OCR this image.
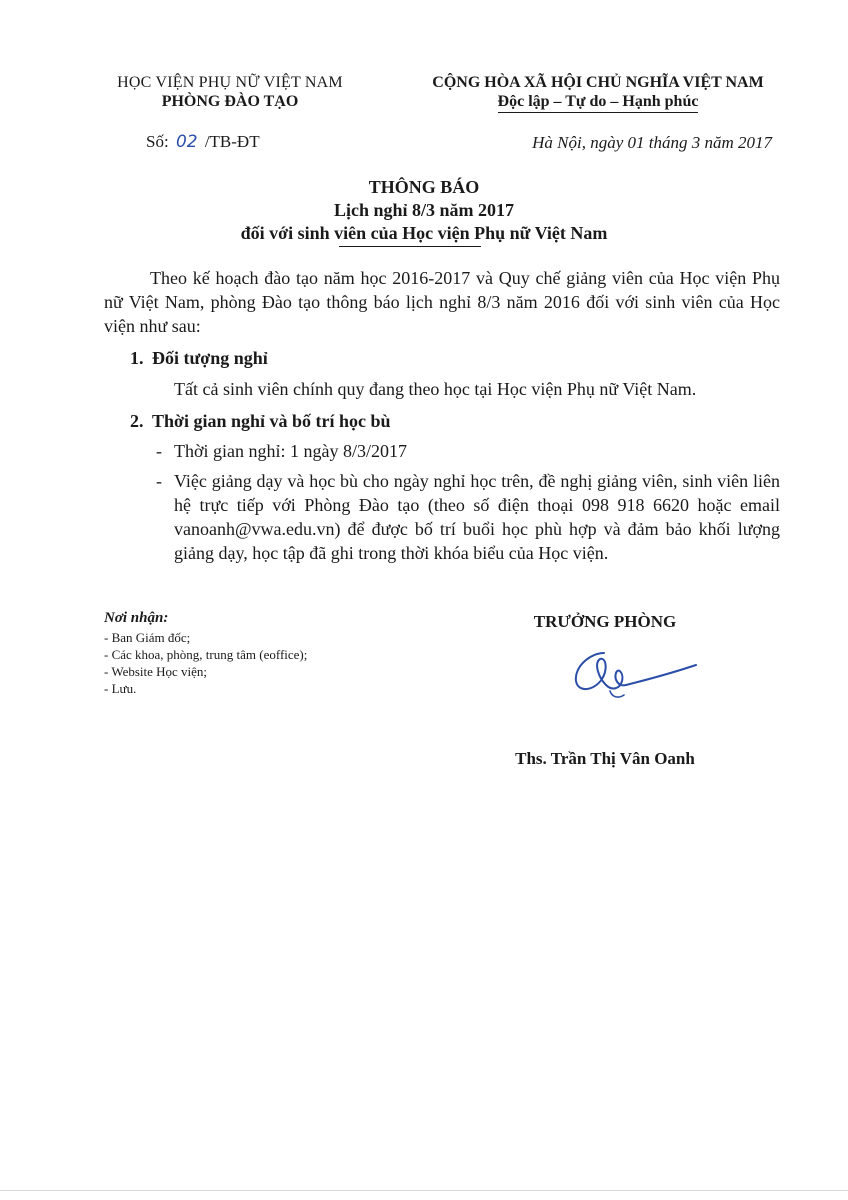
HỌC VIỆN PHỤ NỮ VIỆT NAM
PHÒNG ĐÀO TẠO
CỘNG HÒA XÃ HỘI CHỦ NGHĨA VIỆT NAM
Độc lập – Tự do – Hạnh phúc
Số: 02 /TB-ĐT	Hà Nội, ngày 01 tháng 3 năm 2017
THÔNG BÁO
Lịch nghỉ 8/3 năm 2017
đối với sinh viên của Học viện Phụ nữ Việt Nam

Theo kế hoạch đào tạo năm học 2016-2017 và Quy chế giảng viên của Học viện Phụ nữ Việt Nam, phòng Đào tạo thông báo lịch nghỉ 8/3 năm 2016 đối với sinh viên của Học viện như sau:

1. Đối tượng nghỉ
Tất cả sinh viên chính quy đang theo học tại Học viện Phụ nữ Việt Nam.
2. Thời gian nghỉ và bố trí học bù
- Thời gian nghỉ: 1 ngày 8/3/2017
- Việc giảng dạy và học bù cho ngày nghỉ học trên, đề nghị giảng viên, sinh viên liên hệ trực tiếp với Phòng Đào tạo (theo số điện thoại 098 918 6620 hoặc email vanoanh@vwa.edu.vn) để được bố trí buổi học phù hợp và đảm bảo khối lượng giảng dạy, học tập đã ghi trong thời khóa biểu của Học viện.
Nơi nhận:
- Ban Giám đốc;
- Các khoa, phòng, trung tâm (eoffice);
- Website Học viện;
- Lưu.
TRƯỞNG PHÒNG
Ths. Trần Thị Vân Oanh
